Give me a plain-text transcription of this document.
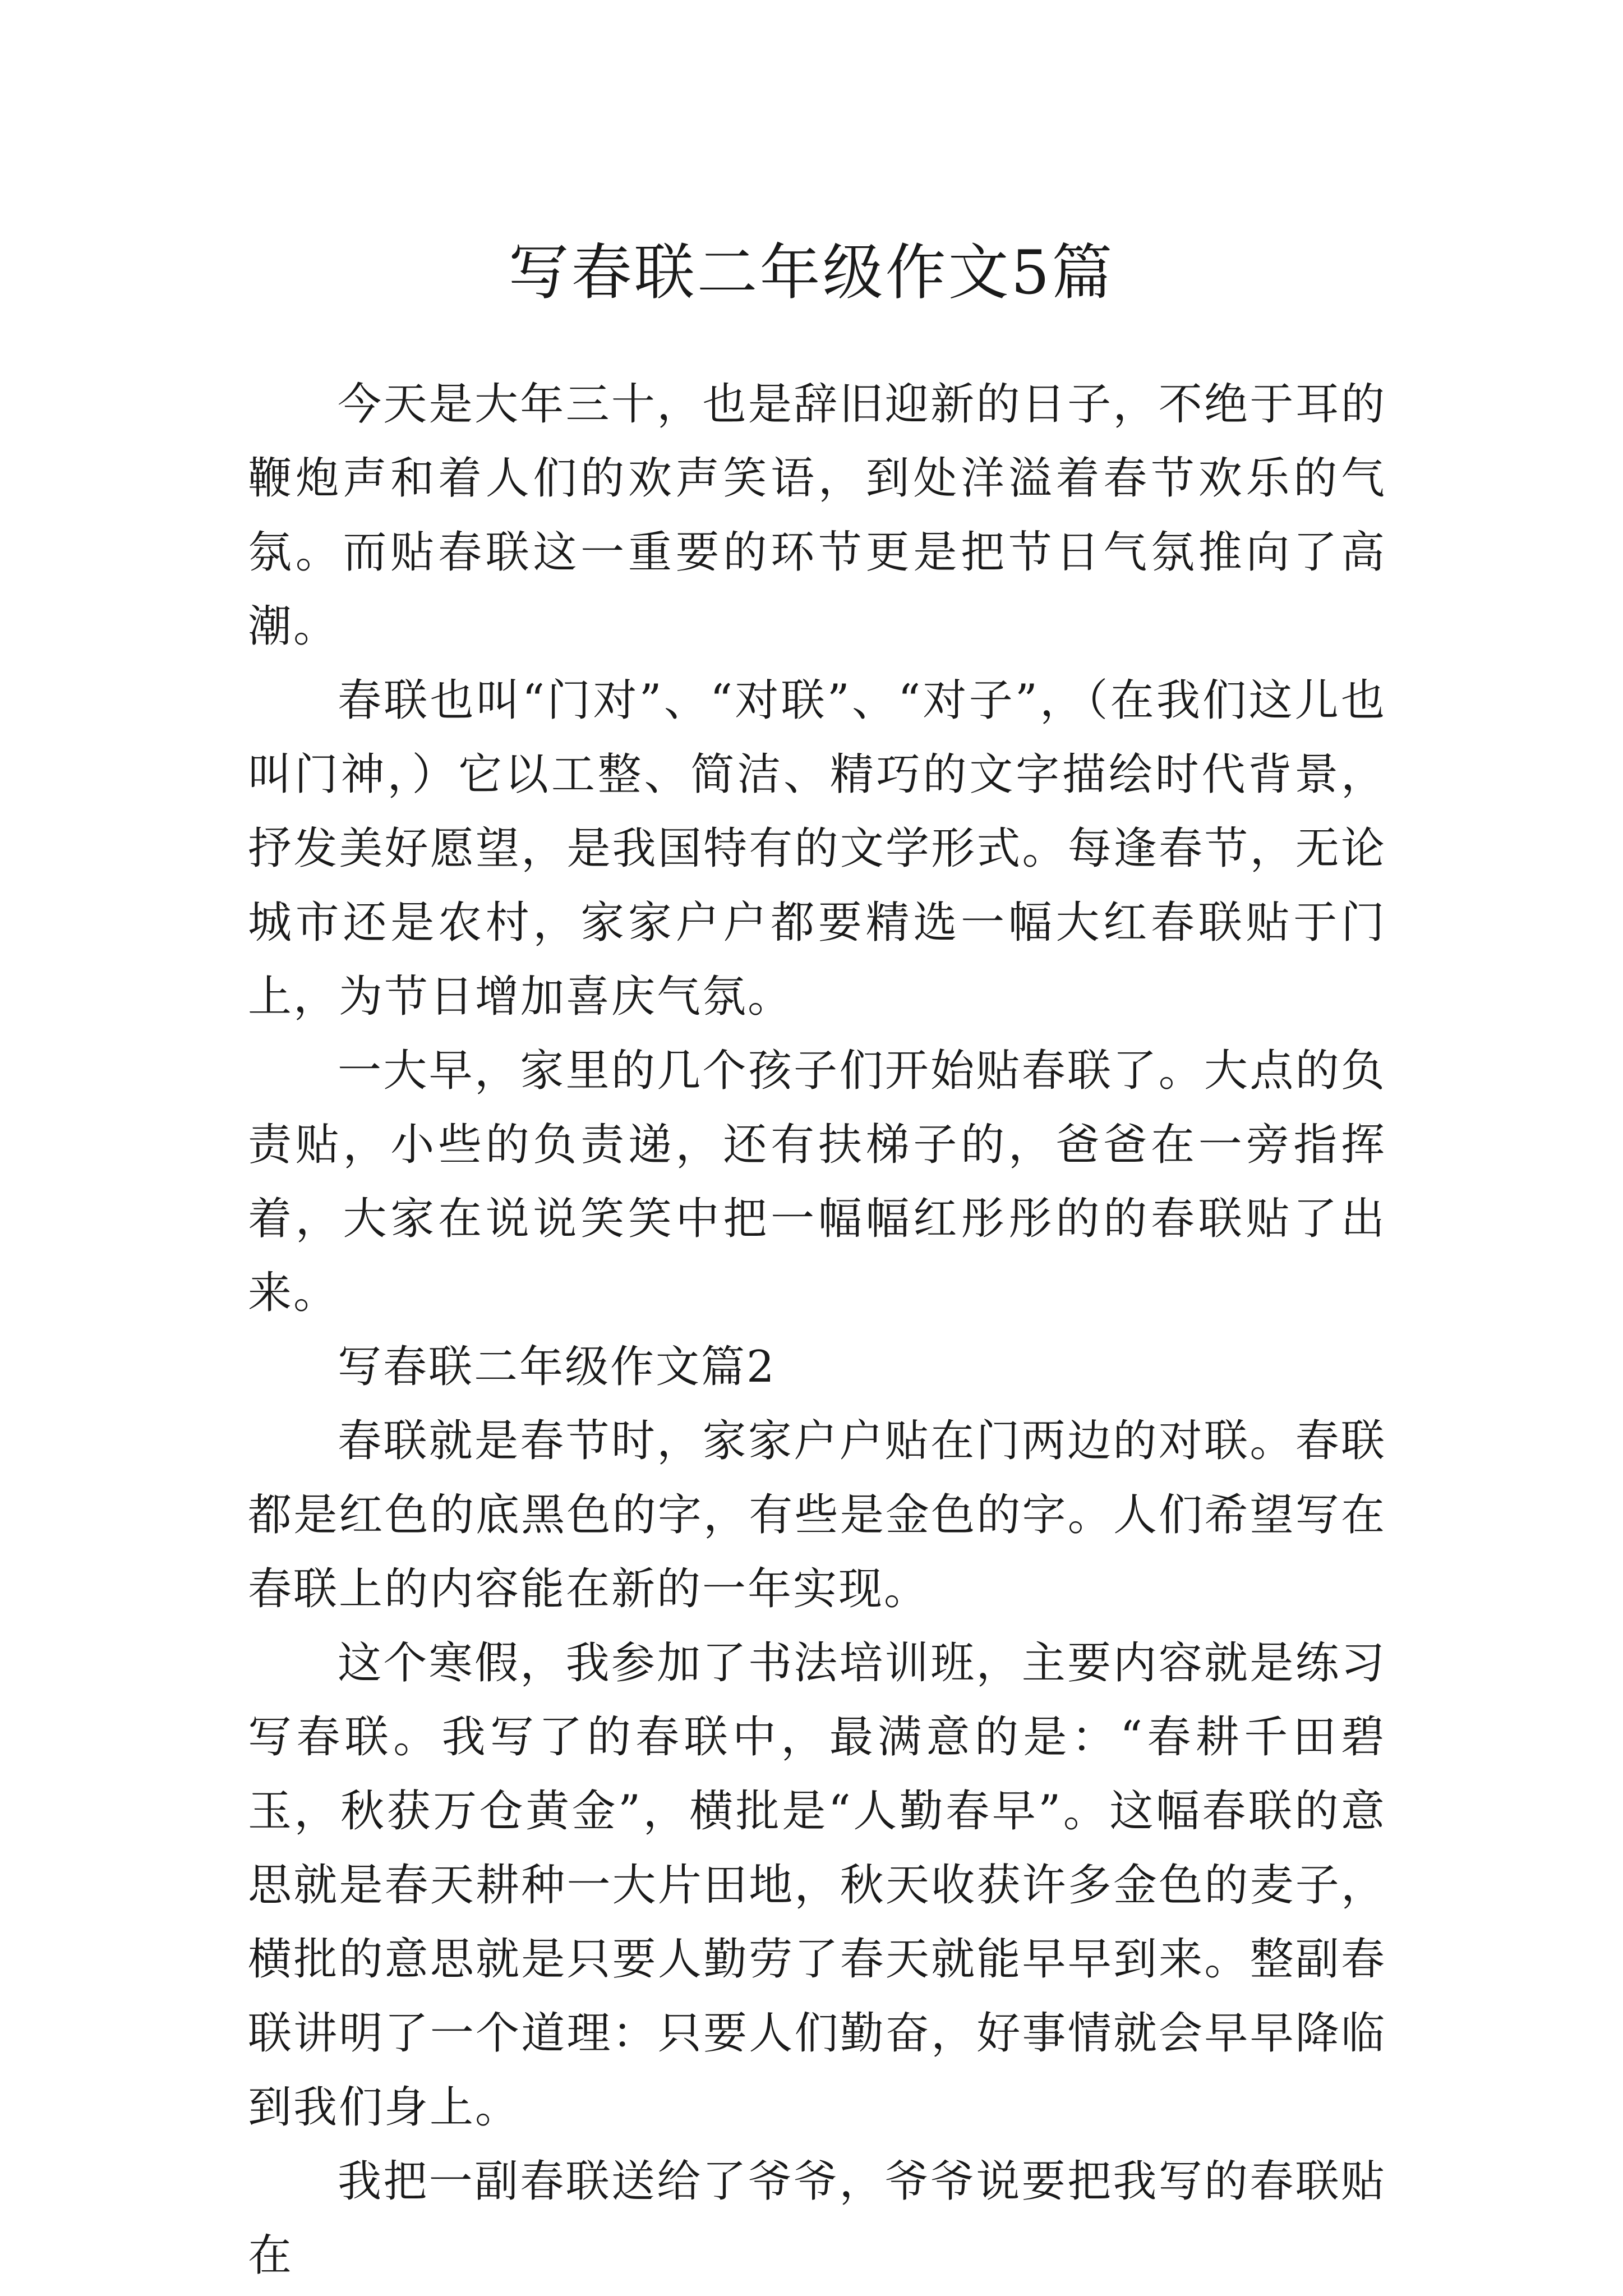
写春联二年级作文5篇

今天是大年三十，也是辞旧迎新的日子，不绝于耳的鞭炮声和着人们的欢声笑语，到处洋溢着春节欢乐的气氛。而贴春联这一重要的环节更是把节日气氛推向了高潮。

春联也叫“门对”、“对联”、“对子”，（在我们这儿也叫门神，）它以工整、简洁、精巧的文字描绘时代背景，抒发美好愿望，是我国特有的文学形式。每逢春节，无论城市还是农村，家家户户都要精选一幅大红春联贴于门上，为节日增加喜庆气氛。

一大早，家里的几个孩子们开始贴春联了。大点的负责贴，小些的负责递，还有扶梯子的，爸爸在一旁指挥着，大家在说说笑笑中把一幅幅红彤彤的的春联贴了出来。

写春联二年级作文篇2

春联就是春节时，家家户户贴在门两边的对联。春联都是红色的底黑色的字，有些是金色的字。人们希望写在春联上的内容能在新的一年实现。

这个寒假，我参加了书法培训班，主要内容就是练习写春联。我写了的春联中，最满意的是：“春耕千田碧玉，秋获万仓黄金”，横批是“人勤春早”。这幅春联的意思就是春天耕种一大片田地，秋天收获许多金色的麦子，横批的意思就是只要人勤劳了春天就能早早到来。整副春联讲明了一个道理：只要人们勤奋，好事情就会早早降临到我们身上。

我把一副春联送给了爷爷，爷爷说要把我写的春联贴在
